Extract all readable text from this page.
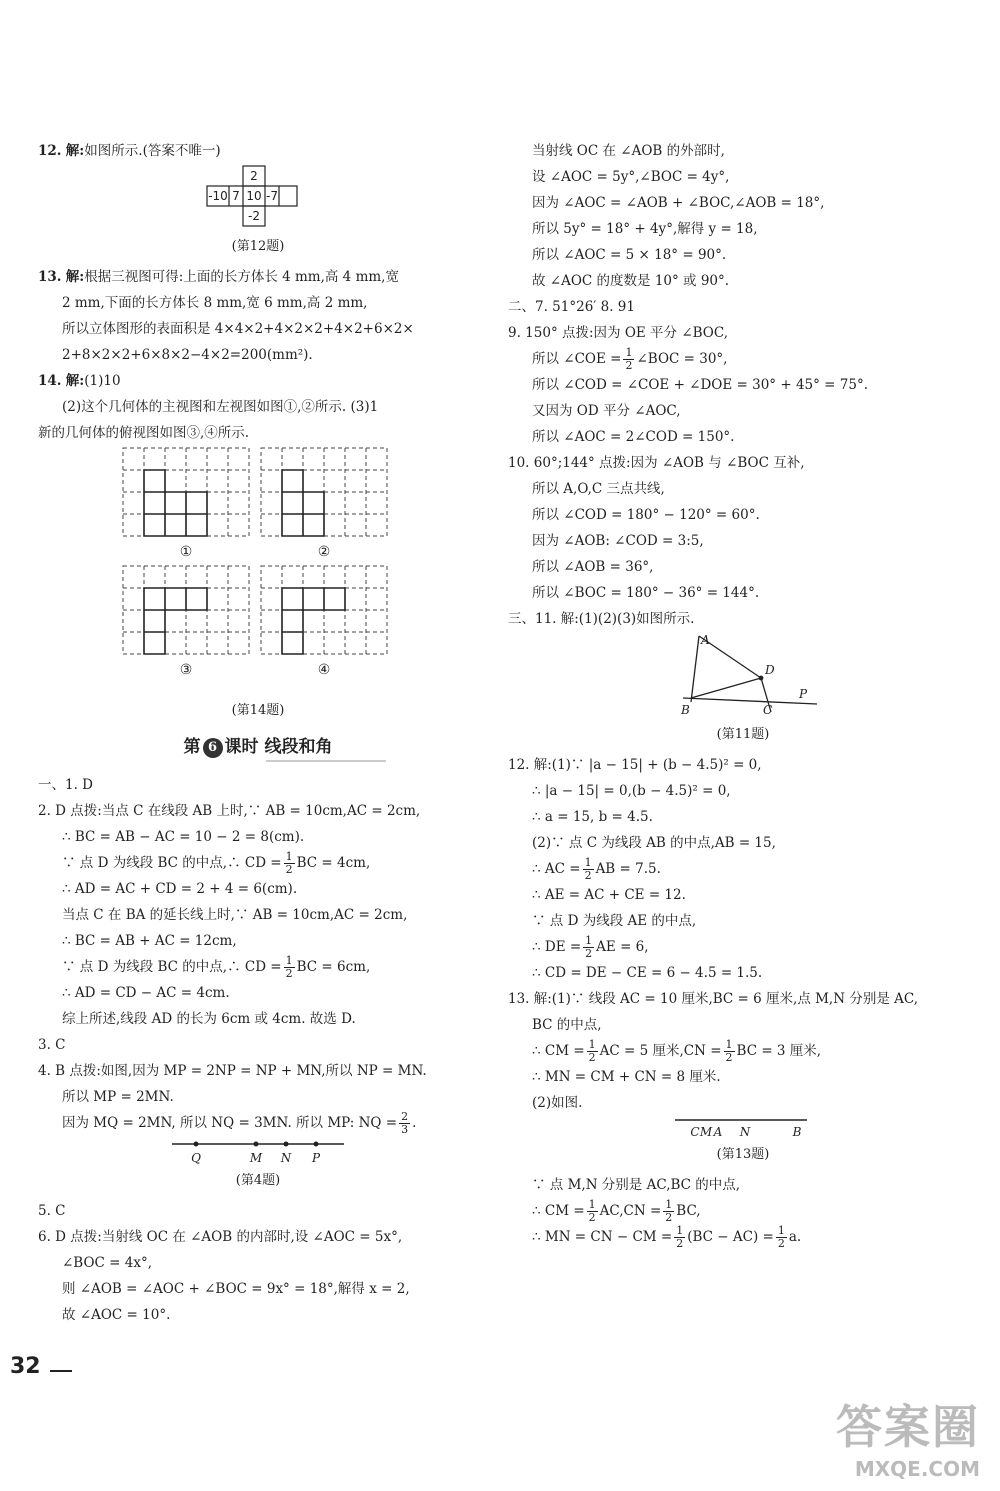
12. 解:如图所示.(答案不唯一)
2
-10 7 10 -7
-2
(第12题)
13. 解:根据三视图可得:上面的长方体长 4 mm,高 4 mm,宽
2 mm,下面的长方体长 8 mm,宽 6 mm,高 2 mm,
所以立体图形的表面积是 4×4×2+4×2×2+4×2+6×2×
2+8×2×2+6×8×2−4×2=200(mm²).
14. 解:(1)10
(2)这个几何体的主视图和左视图如图①,②所示. (3)1
新的几何体的俯视图如图③,④所示.
①	②
③	④
(第14题)
第 6 课时 线段和角
一、1. D
2. D 点拨:当点 C 在线段 AB 上时,∵ AB = 10cm,AC = 2cm,
∴ BC = AB − AC = 10 − 2 = 8(cm).
∵ 点 D 为线段 BC 的中点,∴ CD = $\frac{1}{2}$ BC = 4cm,
∴ AD = AC + CD = 2 + 4 = 6(cm).
当点 C 在 BA 的延长线上时,∵ AB = 10cm,AC = 2cm,
∴ BC = AB + AC = 12cm,
∵ 点 D 为线段 BC 的中点,∴ CD = $\frac{1}{2}$ BC = 6cm,
∴ AD = CD − AC = 4cm.
综上所述,线段 AD 的长为 6cm 或 4cm. 故选 D.
3. C
4. B 点拨:如图,因为 MP = 2NP = NP + MN,所以 NP = MN.
所以 MP = 2MN.
因为 MQ = 2MN, 所以 NQ = 3MN. 所以 MP: NQ = $\frac{2}{3}$ .
Q	M N P
(第4题)
5. C
6. D 点拨:当射线 OC 在 ∠AOB 的内部时,设 ∠AOC = 5x°,
∠BOC = 4x°,
则 ∠AOB = ∠AOC + ∠BOC = 9x° = 18°,解得 x = 2,
故 ∠AOC = 10°.
当射线 OC 在 ∠AOB 的外部时,
设 ∠AOC = 5y°,∠BOC = 4y°,
因为 ∠AOC = ∠AOB + ∠BOC,∠AOB = 18°,
所以 5y° = 18° + 4y°,解得 y = 18,
所以 ∠AOC = 5 × 18° = 90°.
故 ∠AOC 的度数是 10° 或 90°.
二、7. 51°26′ 8. 91
9. 150° 点拨:因为 OE 平分 ∠BOC,
所以 ∠COE = $\frac{1}{2}$ ∠BOC = 30°,
所以 ∠COD = ∠COE + ∠DOE = 30° + 45° = 75°.
又因为 OD 平分 ∠AOC,
所以 ∠AOC = 2∠COD = 150°.
10. 60°;144° 点拨:因为 ∠AOB 与 ∠BOC 互补,
所以 A,O,C 三点共线,
所以 ∠COD = 180° − 120° = 60°.
因为 ∠AOB: ∠COD = 3:5,
所以 ∠AOB = 36°,
所以 ∠BOC = 180° − 36° = 144°.
三、11. 解:(1)(2)(3)如图所示.
A
D
B	C
P
(第11题)
12. 解:(1)∵ |a − 15| + (b − 4.5)² = 0,
∴ |a − 15| = 0,(b − 4.5)² = 0,
∴ a = 15, b = 4.5.
(2)∵ 点 C 为线段 AB 的中点,AB = 15,
∴ AC = $\frac{1}{2}$ AB = 7.5.
∴ AE = AC + CE = 12.
∵ 点 D 为线段 AE 的中点,
∴ DE = $\frac{1}{2}$ AE = 6,
∴ CD = DE − CE = 6 − 4.5 = 1.5.
13. 解:(1)∵ 线段 AC = 10 厘米,BC = 6 厘米,点 M,N 分别是 AC,
BC 的中点,
∴ CM = $\frac{1}{2}$ AC = 5 厘米$,CN = \frac{1}{2}$ BC = 3 厘米,
∴ MN = CM + CN = 8 厘米.
(2)如图.
C M A N	B
(第13题)
∵ 点 M,N 分别是 AC,BC 的中点,
∴ CM = $\frac{1}{2} AC,CN = \frac{1}{2}$ BC,
∴ MN = CN − CM = $\frac{1}{2} (BC - AC) = \frac{1}{2} a$.
32
答案圈
MXQE.COM
